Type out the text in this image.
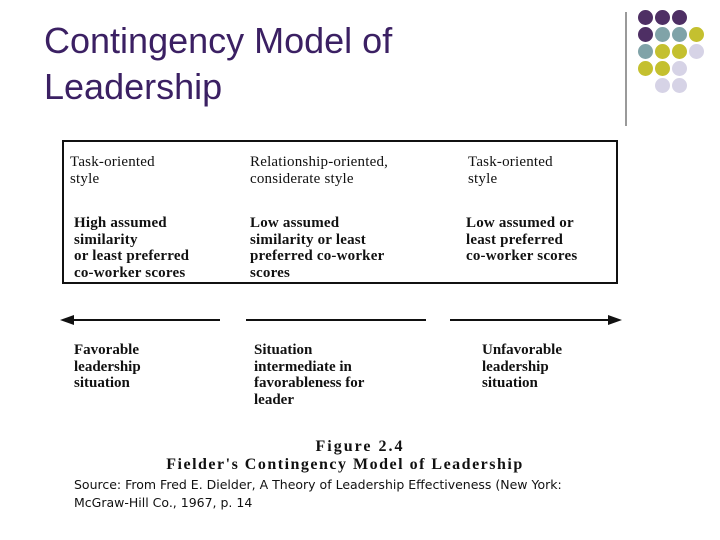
Contingency Model of
Leadership
Task-oriented
style
Relationship-oriented,
considerate style
Task-oriented
style
High assumed
similarity
or least preferred
co-worker scores
Low assumed
similarity or least
preferred co-worker
scores
Low assumed or
least preferred
co-worker scores
Favorable
leadership
situation
Situation
intermediate in
favorableness for
leader
Unfavorable
leadership
situation
Figure 2.4
Fielder's Contingency Model of Leadership
Source: From Fred E. Dielder, A Theory of Leadership Effectiveness (New York:
McGraw-Hill Co., 1967, p. 14
